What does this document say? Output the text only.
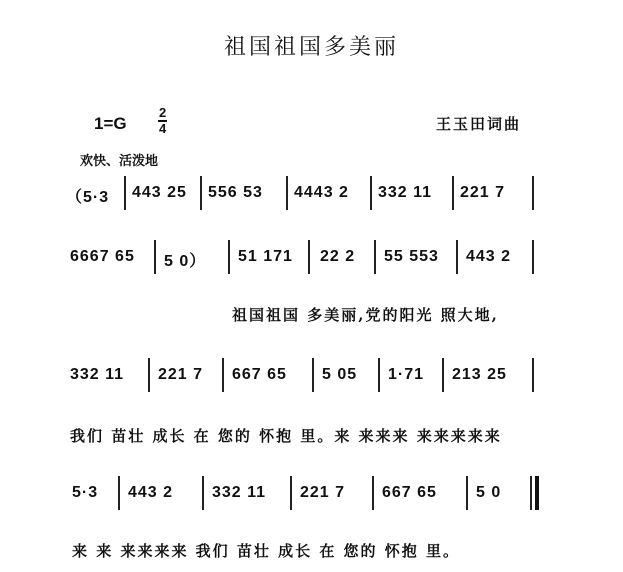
祖国祖国多美丽
$1=G \frac{2}{4}$	王玉田词曲
欢快、活泼地
（5·3 443 25 556 53 4443 2 332 11 221 7
6667 65 5 0） 51 171 22 2 55 553 443 2
祖国祖国 多美丽,党的阳光 照大地,
332 11 221 7 667 65 5 05 1·71 213 25
我们 苗壮 成长 在 您的 怀抱 里。来 来来来 来来来来来
5·3 443 2 332 11 221 7 667 65 5 0
来 来 来来来来 我们 苗壮 成长 在 您的 怀抱 里。
